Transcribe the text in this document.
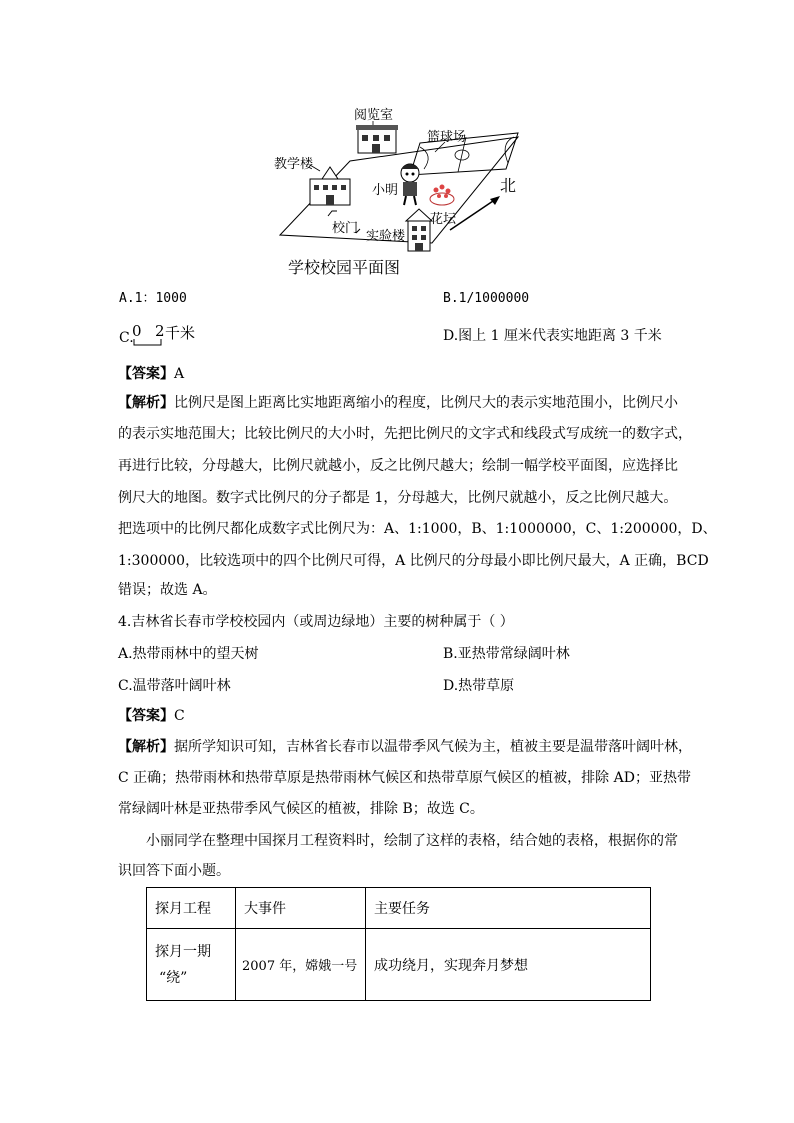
阅览室
篮球场
教学楼
小明
花坛
校门
实验楼
北
学校校园平面图
A.1：1000	B.1/1000000
C.
0 2 千米	D.图上 1 厘米代表实地距离 3 千米
【答案】A
【解析】比例尺是图上距离比实地距离缩小的程度，比例尺大的表示实地范围小，比例尺小
的表示实地范围大；比较比例尺的大小时，先把比例尺的文字式和线段式写成统一的数字式，
再进行比较，分母越大，比例尺就越小，反之比例尺越大；绘制一幅学校平面图，应选择比
例尺大的地图。数字式比例尺的分子都是 1，分母越大，比例尺就越小，反之比例尺越大。
把选项中的比例尺都化成数字式比例尺为：A、1:1000，B、1:1000000，C、1:200000，D、
1:300000，比较选项中的四个比例尺可得，A 比例尺的分母最小即比例尺最大，A 正确，BCD
错误；故选 A。
4.吉林省长春市学校校园内（或周边绿地）主要的树种属于（ ）
A.热带雨林中的望天树	B.亚热带常绿阔叶林
C.温带落叶阔叶林	D.热带草原
【答案】C
【解析】据所学知识可知，吉林省长春市以温带季风气候为主，植被主要是温带落叶阔叶林，
C 正确；热带雨林和热带草原是热带雨林气候区和热带草原气候区的植被，排除 AD；亚热带
常绿阔叶林是亚热带季风气候区的植被，排除 B；故选 C。
小丽同学在整理中国探月工程资料时，绘制了这样的表格，结合她的表格，根据你的常
识回答下面小题。
探月工程	大事件	主要任务

探月一期
“绕”	2007 年，嫦娥一号	成功绕月，实现奔月梦想
